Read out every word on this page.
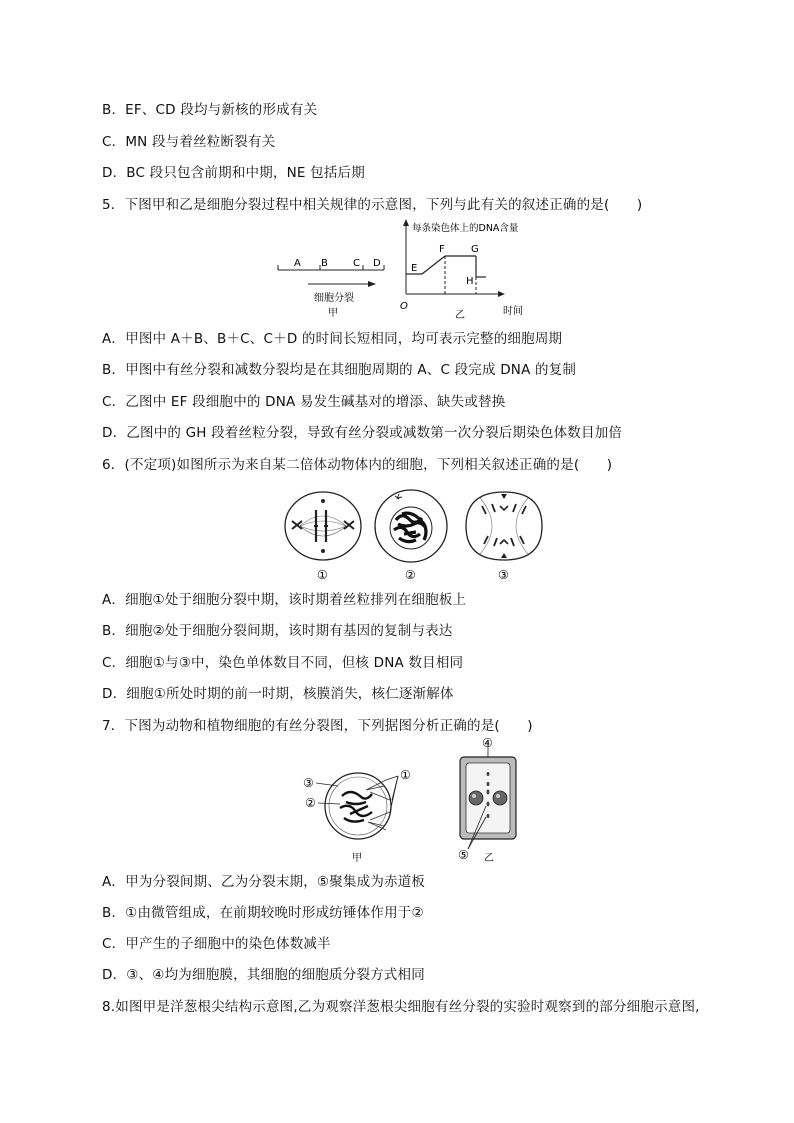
B．EF、CD 段均与新核的形成有关
C．MN 段与着丝粒断裂有关
D．BC 段只包含前期和中期，NE 包括后期
5．下图甲和乙是细胞分裂过程中相关规律的示意图，下列与此有关的叙述正确的是(　　)
A B	C D
细胞分裂
甲
每条染色体上的DNA含量
O	时间
乙
E
F	G
H
A．甲图中 A＋B、B＋C、C＋D 的时间长短相同，均可表示完整的细胞周期
B．甲图中有丝分裂和减数分裂均是在其细胞周期的 A、C 段完成 DNA 的复制
C．乙图中 EF 段细胞中的 DNA 易发生碱基对的增添、缺失或替换
D．乙图中的 GH 段着丝粒分裂，导致有丝分裂或减数第一次分裂后期染色体数目加倍
6．(不定项)如图所示为来自某二倍体动物体内的细胞，下列相关叙述正确的是(　　)
①	②	③
A．细胞①处于细胞分裂中期，该时期着丝粒排列在细胞板上
B．细胞②处于细胞分裂间期，该时期有基因的复制与表达
C．细胞①与③中，染色单体数目不同，但核 DNA 数目相同
D．细胞①所处时期的前一时期，核膜消失，核仁逐渐解体
7．下图为动物和植物细胞的有丝分裂图，下列据图分析正确的是(　　)
③
②
①
甲
④
⑤ 乙
A．甲为分裂间期、乙为分裂末期，⑤聚集成为赤道板
B．①由微管组成，在前期较晚时形成纺锤体作用于②
C．甲产生的子细胞中的染色体数减半
D．③、④均为细胞膜，其细胞的细胞质分裂方式相同
8.如图甲是洋葱根尖结构示意图,乙为观察洋葱根尖细胞有丝分裂的实验时观察到的部分细胞示意图,
